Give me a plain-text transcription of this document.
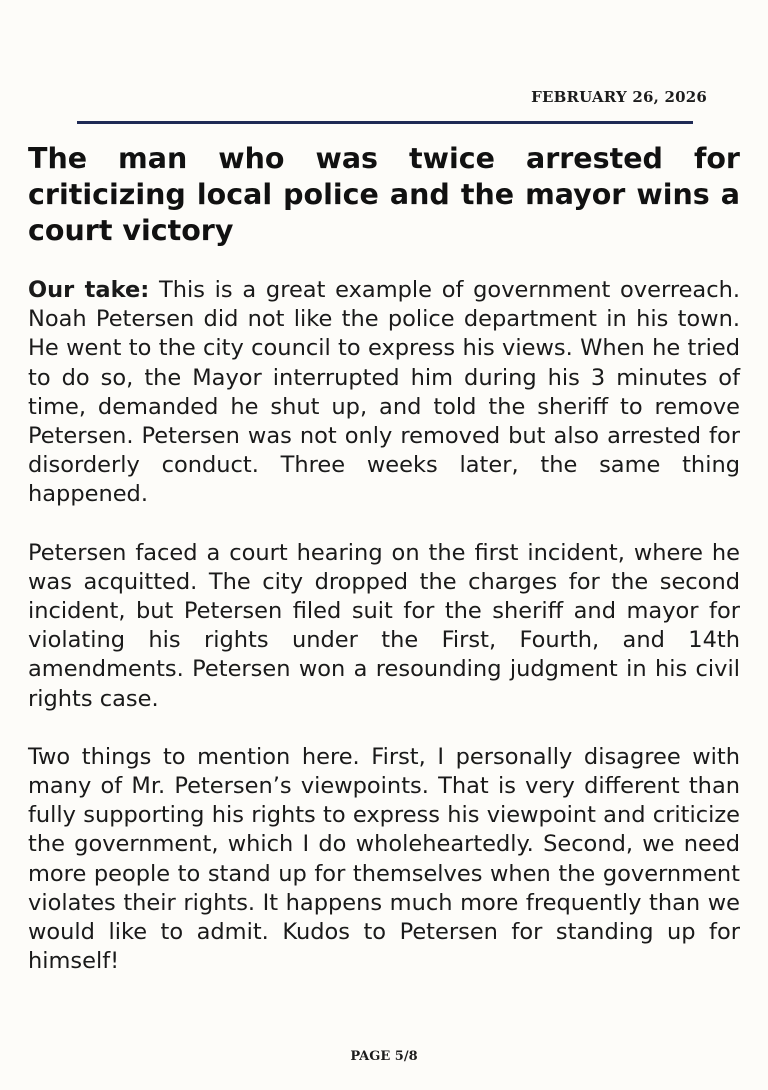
FEBRUARY 26, 2026
The man who was twice arrested for criticizing local police and the mayor wins a court victory

Our take: This is a great example of government overreach. Noah Petersen did not like the police department in his town. He went to the city council to express his views. When he tried to do so, the Mayor interrupted him during his 3 minutes of time, demanded he shut up, and told the sheriff to remove Petersen. Petersen was not only removed but also arrested for disorderly conduct. Three weeks later, the same thing happened.

Petersen faced a court hearing on the first incident, where he was acquitted. The city dropped the charges for the second incident, but Petersen filed suit for the sheriff and mayor for violating his rights under the First, Fourth, and 14th amendments. Petersen won a resounding judgment in his civil rights case.

Two things to mention here. First, I personally disagree with many of Mr. Petersen’s viewpoints. That is very different than fully supporting his rights to express his viewpoint and criticize the government, which I do wholeheartedly. Second, we need more people to stand up for themselves when the government violates their rights. It happens much more frequently than we would like to admit. Kudos to Petersen for standing up for himself!

PAGE 5/8
